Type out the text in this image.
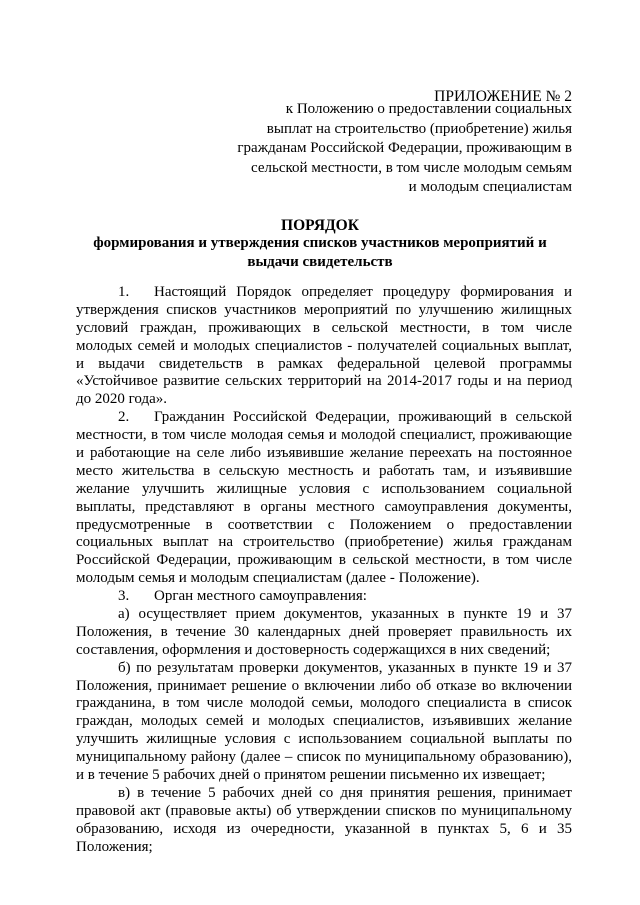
ПРИЛОЖЕНИЕ № 2
к Положению о предоставлении социальных
выплат на строительство (приобретение) жилья
гражданам Российской Федерации, проживающим в
сельской местности, в том числе молодым семьям
и молодым специалистам
ПОРЯДОК
формирования и утверждения списков участников мероприятий и
выдачи свидетельств
1. Настоящий Порядок определяет процедуру формирования и
утверждения списков участников мероприятий по улучшению жилищных
условий граждан, проживающих в сельской местности, в том числе
молодых семей и молодых специалистов - получателей социальных выплат,
и выдачи свидетельств в рамках федеральной целевой программы
«Устойчивое развитие сельских территорий на 2014-2017 годы и на период
до 2020 года».
2. Гражданин Российской Федерации, проживающий в сельской
местности, в том числе молодая семья и молодой специалист, проживающие
и работающие на селе либо изъявившие желание переехать на постоянное
место жительства в сельскую местность и работать там, и изъявившие
желание улучшить жилищные условия с использованием социальной
выплаты, представляют в органы местного самоуправления документы,
предусмотренные в соответствии с Положением о предоставлении
социальных выплат на строительство (приобретение) жилья гражданам
Российской Федерации, проживающим в сельской местности, в том числе
молодым семья и молодым специалистам (далее - Положение).
3. Орган местного самоуправления:
а) осуществляет прием документов, указанных в пункте 19 и 37
Положения, в течение 30 календарных дней проверяет правильность их
составления, оформления и достоверность содержащихся в них сведений;
б) по результатам проверки документов, указанных в пункте 19 и 37
Положения, принимает решение о включении либо об отказе во включении
гражданина, в том числе молодой семьи, молодого специалиста в список
граждан, молодых семей и молодых специалистов, изъявивших желание
улучшить жилищные условия с использованием социальной выплаты по
муниципальному району (далее – список по муниципальному образованию),
и в течение 5 рабочих дней о принятом решении письменно их извещает;
в) в течение 5 рабочих дней со дня принятия решения, принимает
правовой акт (правовые акты) об утверждении списков по муниципальному
образованию, исходя из очередности, указанной в пунктах 5, 6 и 35
Положения;
